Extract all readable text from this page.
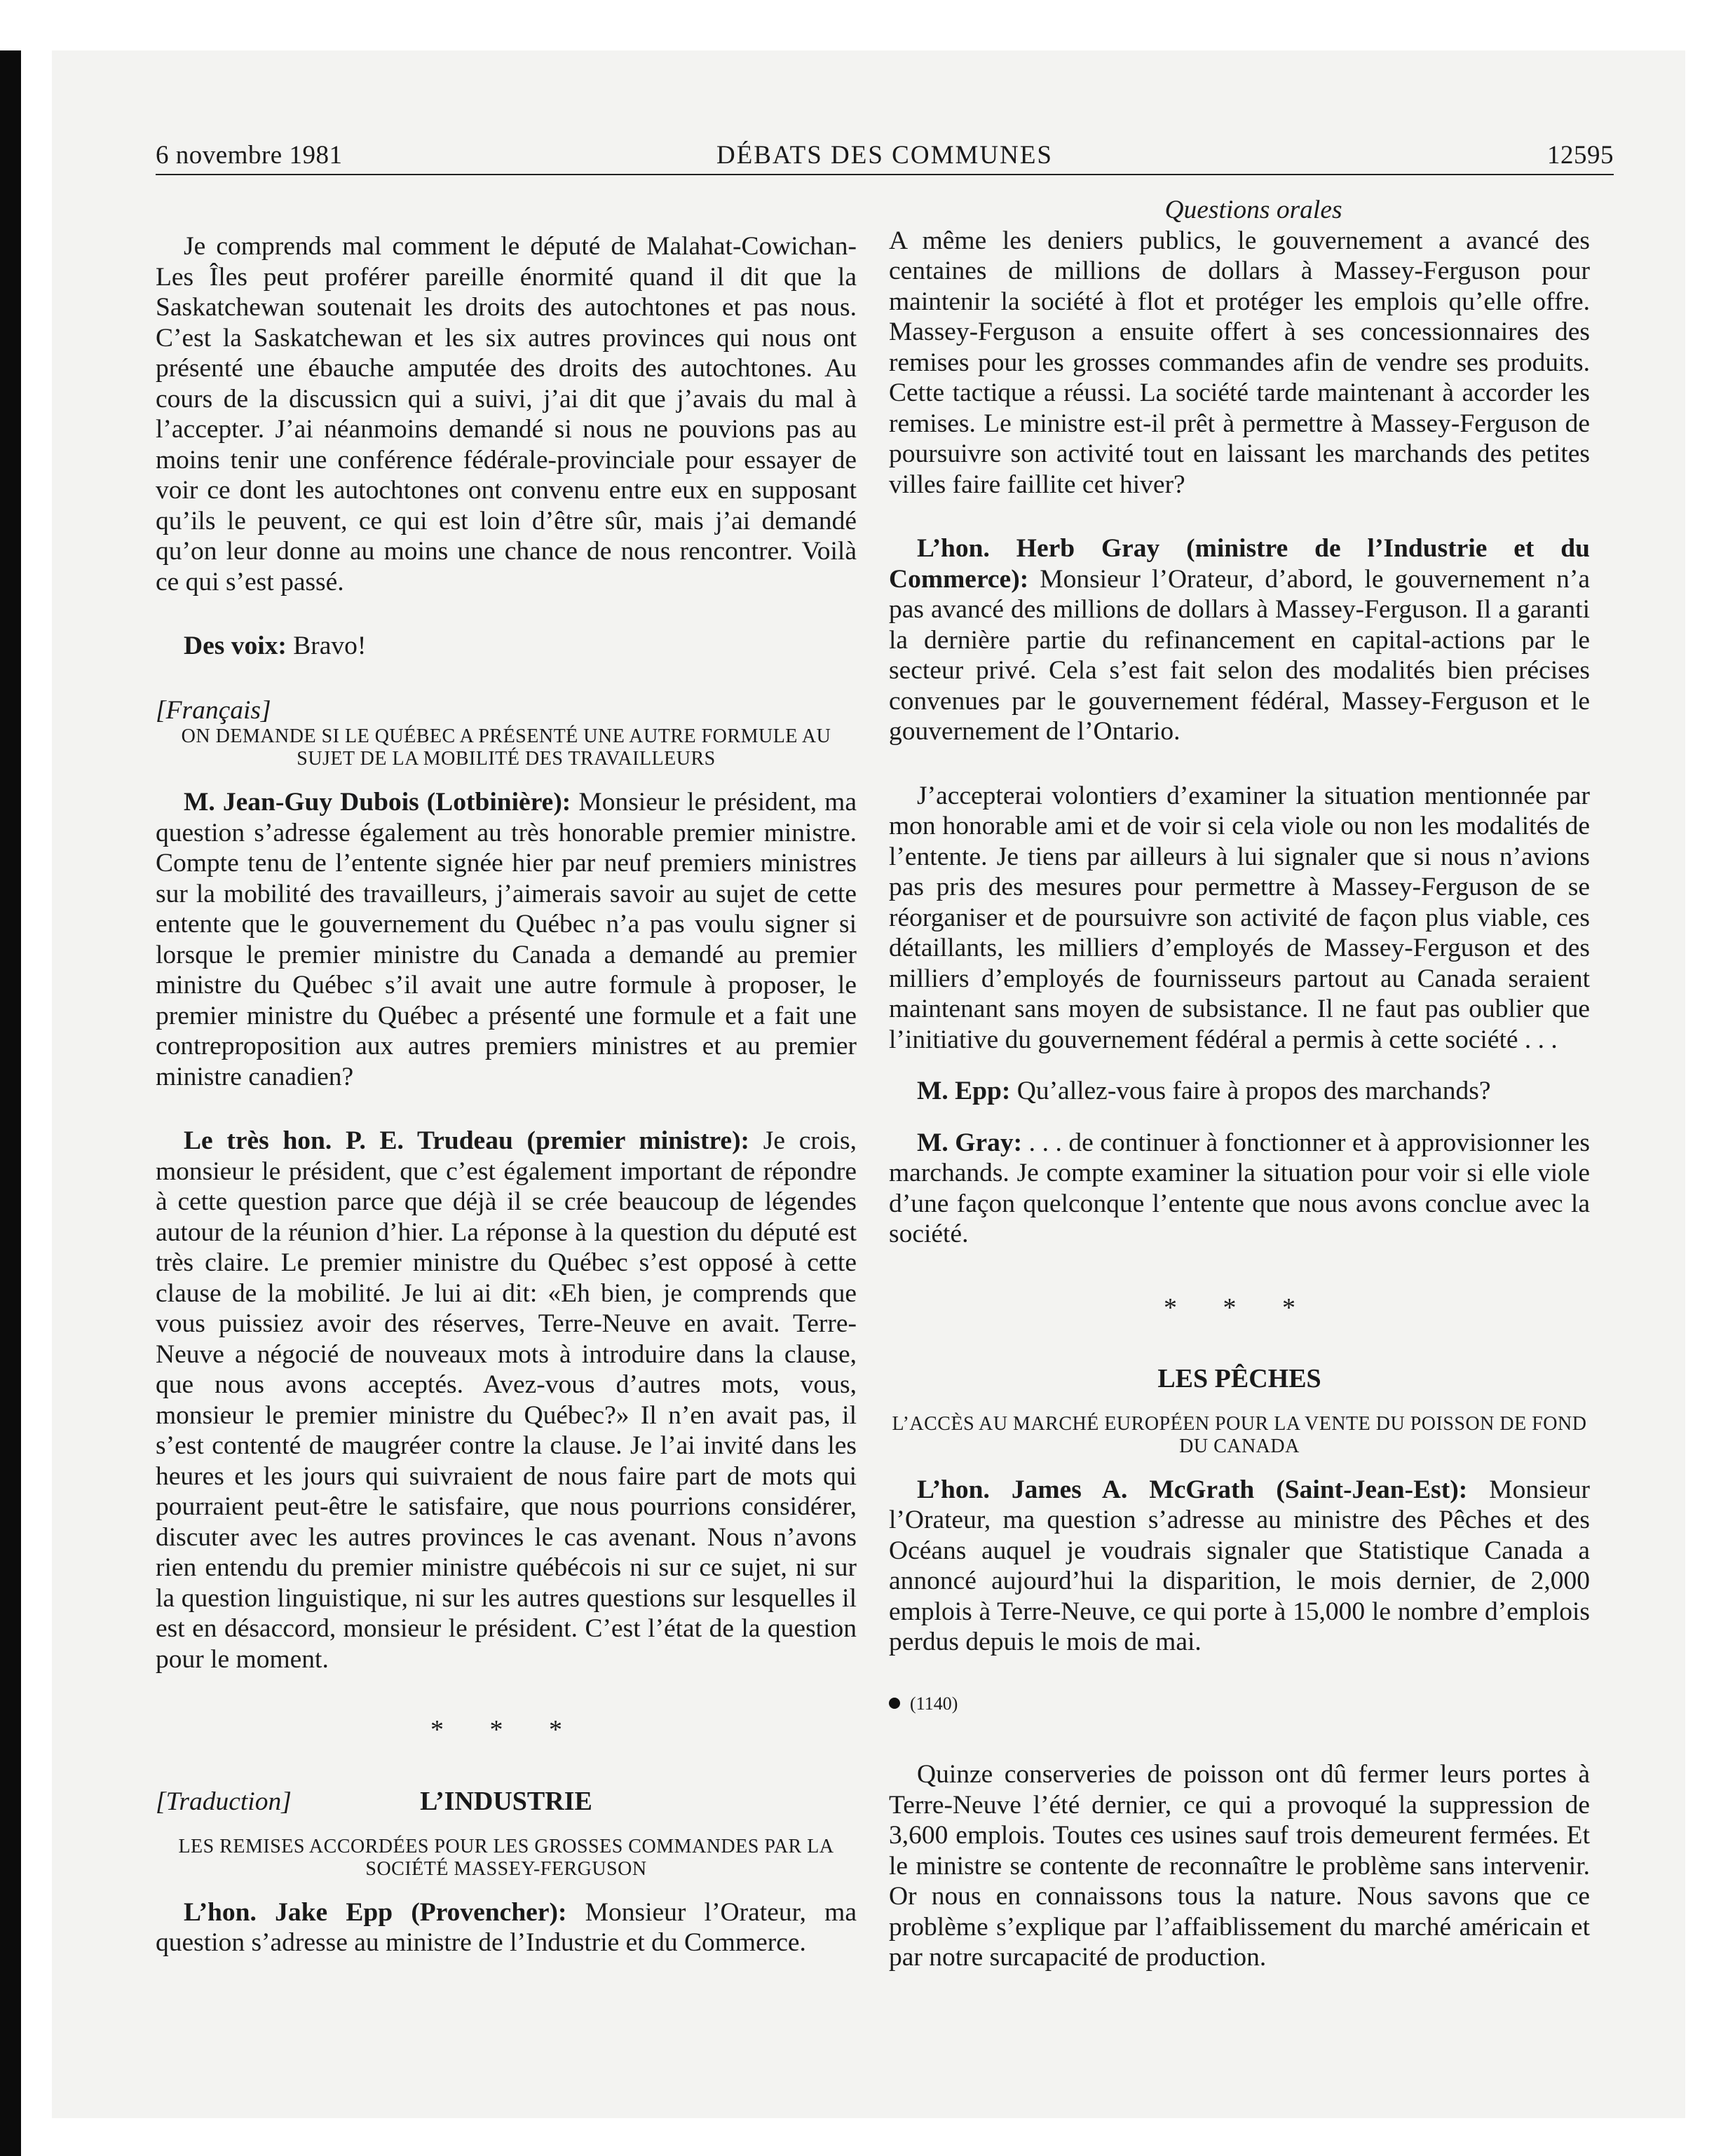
6 novembre 1981	DÉBATS DES COMMUNES	12595

Je comprends mal comment le député de Malahat-Cowichan-Les Îles peut proférer pareille énormité quand il dit que la Saskatchewan soutenait les droits des autochtones et pas nous. C’est la Saskatchewan et les six autres provinces qui nous ont présenté une ébauche amputée des droits des autochtones. Au cours de la discussicn qui a suivi, j’ai dit que j’avais du mal à l’accepter. J’ai néanmoins demandé si nous ne pouvions pas au moins tenir une conférence fédérale-provinciale pour essayer de voir ce dont les autochtones ont convenu entre eux en supposant qu’ils le peuvent, ce qui est loin d’être sûr, mais j’ai demandé qu’on leur donne au moins une chance de nous rencontrer. Voilà ce qui s’est passé.

Des voix: Bravo!

[Français]

ON DEMANDE SI LE QUÉBEC A PRÉSENTÉ UNE AUTRE FORMULE AU SUJET DE LA MOBILITÉ DES TRAVAILLEURS

M. Jean-Guy Dubois (Lotbinière): Monsieur le président, ma question s’adresse également au très honorable premier ministre. Compte tenu de l’entente signée hier par neuf premiers ministres sur la mobilité des travailleurs, j’aimerais savoir au sujet de cette entente que le gouvernement du Québec n’a pas voulu signer si lorsque le premier ministre du Canada a demandé au premier ministre du Québec s’il avait une autre formule à proposer, le premier ministre du Québec a présenté une formule et a fait une contreproposition aux autres premiers ministres et au premier ministre canadien?

Le très hon. P. E. Trudeau (premier ministre): Je crois, monsieur le président, que c’est également important de répondre à cette question parce que déjà il se crée beaucoup de légendes autour de la réunion d’hier. La réponse à la question du député est très claire. Le premier ministre du Québec s’est opposé à cette clause de la mobilité. Je lui ai dit: «Eh bien, je comprends que vous puissiez avoir des réserves, Terre-Neuve en avait. Terre-Neuve a négocié de nouveaux mots à introduire dans la clause, que nous avons acceptés. Avez-vous d’autres mots, vous, monsieur le premier ministre du Québec?» Il n’en avait pas, il s’est contenté de maugréer contre la clause. Je l’ai invité dans les heures et les jours qui suivraient de nous faire part de mots qui pourraient peut-être le satisfaire, que nous pourrions considérer, discuter avec les autres provinces le cas avenant. Nous n’avons rien entendu du premier ministre québécois ni sur ce sujet, ni sur la question linguistique, ni sur les autres questions sur lesquelles il est en désaccord, monsieur le président. C’est l’état de la question pour le moment.

* * *

[Traduction]	L’INDUSTRIE

LES REMISES ACCORDÉES POUR LES GROSSES COMMANDES PAR LA SOCIÉTÉ MASSEY-FERGUSON

L’hon. Jake Epp (Provencher): Monsieur l’Orateur, ma question s’adresse au ministre de l’Industrie et du Commerce.

Questions orales

A même les deniers publics, le gouvernement a avancé des centaines de millions de dollars à Massey-Ferguson pour maintenir la société à flot et protéger les emplois qu’elle offre. Massey-Ferguson a ensuite offert à ses concessionnaires des remises pour les grosses commandes afin de vendre ses produits. Cette tactique a réussi. La société tarde maintenant à accorder les remises. Le ministre est-il prêt à permettre à Massey-Ferguson de poursuivre son activité tout en laissant les marchands des petites villes faire faillite cet hiver?

L’hon. Herb Gray (ministre de l’Industrie et du Commerce): Monsieur l’Orateur, d’abord, le gouvernement n’a pas avancé des millions de dollars à Massey-Ferguson. Il a garanti la dernière partie du refinancement en capital-actions par le secteur privé. Cela s’est fait selon des modalités bien précises convenues par le gouvernement fédéral, Massey-Ferguson et le gouvernement de l’Ontario.

J’accepterai volontiers d’examiner la situation mentionnée par mon honorable ami et de voir si cela viole ou non les modalités de l’entente. Je tiens par ailleurs à lui signaler que si nous n’avions pas pris des mesures pour permettre à Massey-Ferguson de se réorganiser et de poursuivre son activité de façon plus viable, ces détaillants, les milliers d’employés de Massey-Ferguson et des milliers d’employés de fournisseurs partout au Canada seraient maintenant sans moyen de subsistance. Il ne faut pas oublier que l’initiative du gouvernement fédéral a permis à cette société . . .

M. Epp: Qu’allez-vous faire à propos des marchands?

M. Gray: . . . de continuer à fonctionner et à approvisionner les marchands. Je compte examiner la situation pour voir si elle viole d’une façon quelconque l’entente que nous avons conclue avec la société.

* * *

LES PÊCHES

L’ACCÈS AU MARCHÉ EUROPÉEN POUR LA VENTE DU POISSON DE FOND DU CANADA

L’hon. James A. McGrath (Saint-Jean-Est): Monsieur l’Orateur, ma question s’adresse au ministre des Pêches et des Océans auquel je voudrais signaler que Statistique Canada a annoncé aujourd’hui la disparition, le mois dernier, de 2,000 emplois à Terre-Neuve, ce qui porte à 15,000 le nombre d’emplois perdus depuis le mois de mai.

(1140)

Quinze conserveries de poisson ont dû fermer leurs portes à Terre-Neuve l’été dernier, ce qui a provoqué la suppression de 3,600 emplois. Toutes ces usines sauf trois demeurent fermées. Et le ministre se contente de reconnaître le problème sans intervenir. Or nous en connaissons tous la nature. Nous savons que ce problème s’explique par l’affaiblissement du marché américain et par notre surcapacité de production.
